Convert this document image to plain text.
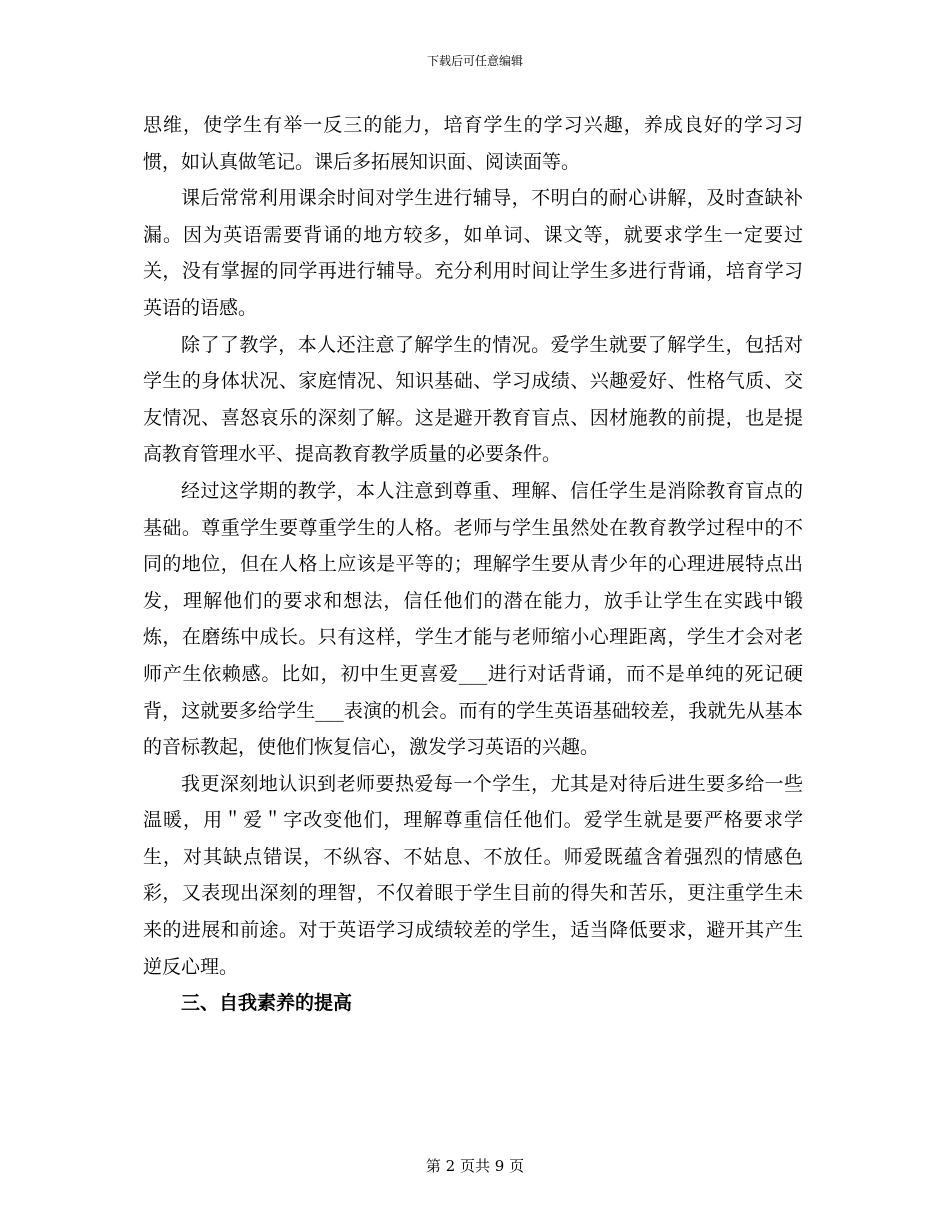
下载后可任意编辑

思维，使学生有举一反三的能力，培育学生的学习兴趣，养成良好的学习习惯，如认真做笔记。课后多拓展知识面、阅读面等。

课后常常利用课余时间对学生进行辅导，不明白的耐心讲解，及时查缺补漏。因为英语需要背诵的地方较多，如单词、课文等，就要求学生一定要过关，没有掌握的同学再进行辅导。充分利用时间让学生多进行背诵，培育学习英语的语感。

除了了教学，本人还注意了解学生的情况。爱学生就要了解学生，包括对学生的身体状况、家庭情况、知识基础、学习成绩、兴趣爱好、性格气质、交友情况、喜怒哀乐的深刻了解。这是避开教育盲点、因材施教的前提，也是提高教育管理水平、提高教育教学质量的必要条件。

经过这学期的教学，本人注意到尊重、理解、信任学生是消除教育盲点的基础。尊重学生要尊重学生的人格。老师与学生虽然处在教育教学过程中的不同的地位，但在人格上应该是平等的；理解学生要从青少年的心理进展特点出发，理解他们的要求和想法，信任他们的潜在能力，放手让学生在实践中锻炼，在磨练中成长。只有这样，学生才能与老师缩小心理距离，学生才会对老师产生依赖感。比如，初中生更喜爱___进行对话背诵，而不是单纯的死记硬背，这就要多给学生___表演的机会。而有的学生英语基础较差，我就先从基本的音标教起，使他们恢复信心，激发学习英语的兴趣。

我更深刻地认识到老师要热爱每一个学生，尤其是对待后进生要多给一些温暖，用＂爱＂字改变他们，理解尊重信任他们。爱学生就是要严格要求学生，对其缺点错误，不纵容、不姑息、不放任。师爱既蕴含着强烈的情感色彩，又表现出深刻的理智，不仅着眼于学生目前的得失和苦乐，更注重学生未来的进展和前途。对于英语学习成绩较差的学生，适当降低要求，避开其产生逆反心理。

三、自我素养的提高

第 2 页共 9 页
